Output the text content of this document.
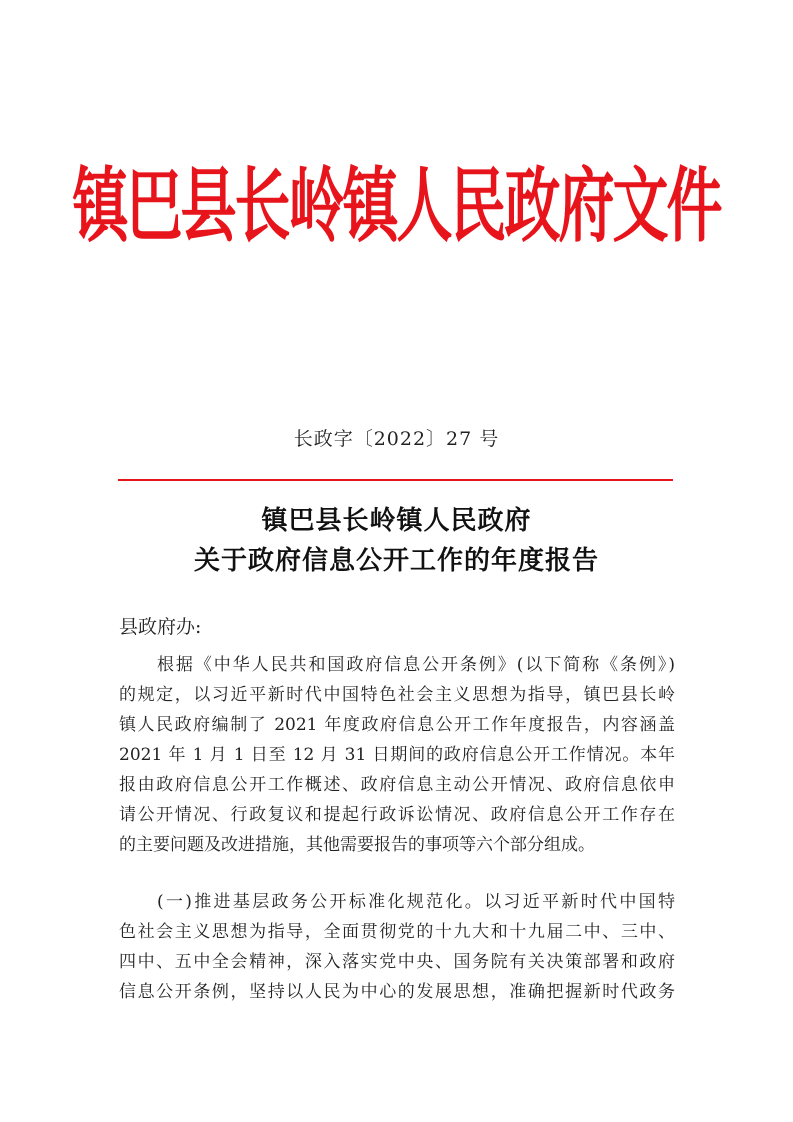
镇巴县长岭镇人民政府文件
长政字〔2022〕27 号
镇巴县长岭镇人民政府
关于政府信息公开工作的年度报告
县政府办:
根据《中华人民共和国政府信息公开条例》(以下简称《条例》)
的规定，以习近平新时代中国特色社会主义思想为指导，镇巴县长岭
镇人民政府编制了 2021 年度政府信息公开工作年度报告，内容涵盖
2021 年 1 月 1 日至 12 月 31 日期间的政府信息公开工作情况。本年
报由政府信息公开工作概述、政府信息主动公开情况、政府信息依申
请公开情况、行政复议和提起行政诉讼情况、政府信息公开工作存在
的主要问题及改进措施，其他需要报告的事项等六个部分组成。
(一)推进基层政务公开标准化规范化。以习近平新时代中国特
色社会主义思想为指导，全面贯彻党的十九大和十九届二中、三中、
四中、五中全会精神，深入落实党中央、国务院有关决策部署和政府
信息公开条例，坚持以人民为中心的发展思想，准确把握新时代政务
